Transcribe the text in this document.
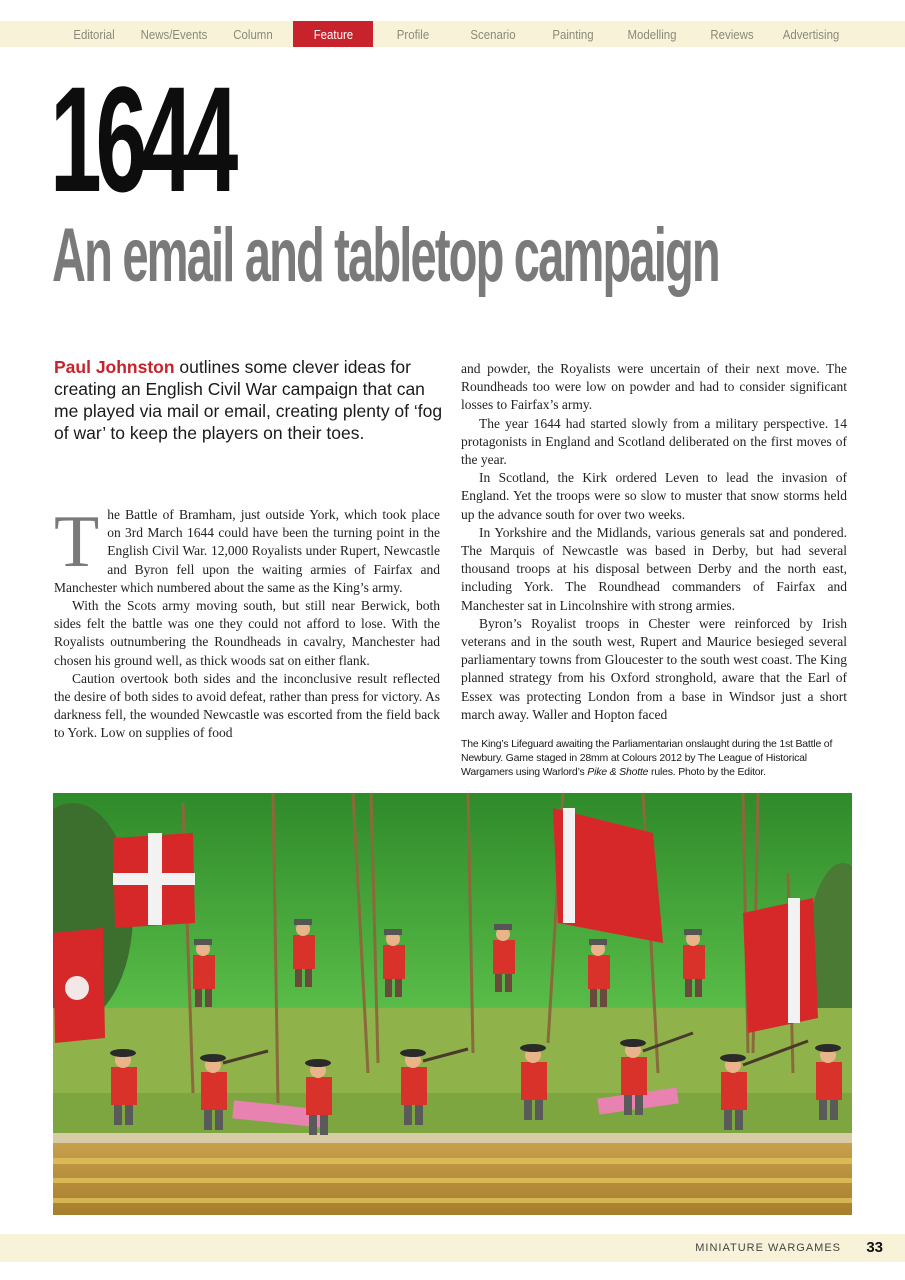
Editorial	News/Events	Column	Feature	Profile	Scenario	Painting	Modelling	Reviews	Advertising
1644
An email and tabletop campaign
Paul Johnston outlines some clever ideas for creating an English Civil War campaign that can me played via mail or email, creating plenty of ‘fog of war’ to keep the players on their toes.

The Battle of Bramham, just outside York, which took place on 3rd March 1644 could have been the turning point in the English Civil War. 12,000 Royalists under Rupert, Newcastle and Byron fell upon the waiting armies of Fairfax and Manchester which numbered about the same as the King’s army.

With the Scots army moving south, but still near Berwick, both sides felt the battle was one they could not afford to lose. With the Royalists outnumbering the Roundheads in cavalry, Manchester had chosen his ground well, as thick woods sat on either flank.

Caution overtook both sides and the inconclusive result reflected the desire of both sides to avoid defeat, rather than press for victory. As darkness fell, the wounded Newcastle was escorted from the field back to York. Low on supplies of food

and powder, the Royalists were uncertain of their next move. The Roundheads too were low on powder and had to consider significant losses to Fairfax’s army.

The year 1644 had started slowly from a military perspective. 14 protagonists in England and Scotland deliberated on the first moves of the year.

In Scotland, the Kirk ordered Leven to lead the invasion of England. Yet the troops were so slow to muster that snow storms held up the advance south for over two weeks.

In Yorkshire and the Midlands, various generals sat and pondered. The Marquis of Newcastle was based in Derby, but had several thousand troops at his disposal between Derby and the north east, including York. The Roundhead commanders of Fairfax and Manchester sat in Lincolnshire with strong armies.

Byron’s Royalist troops in Chester were reinforced by Irish veterans and in the south west, Rupert and Maurice besieged several parliamentary towns from Gloucester to the south west coast. The King planned strategy from his Oxford stronghold, aware that the Earl of Essex was protecting London from a base in Windsor just a short march away. Waller and Hopton faced

The King’s Lifeguard awaiting the Parliamentarian onslaught during the 1st Battle of Newbury. Game staged in 28mm at Colours 2012 by The League of Historical Wargamers using Warlord’s Pike & Shotte rules. Photo by the Editor.
MINIATURE WARGAMES 33
